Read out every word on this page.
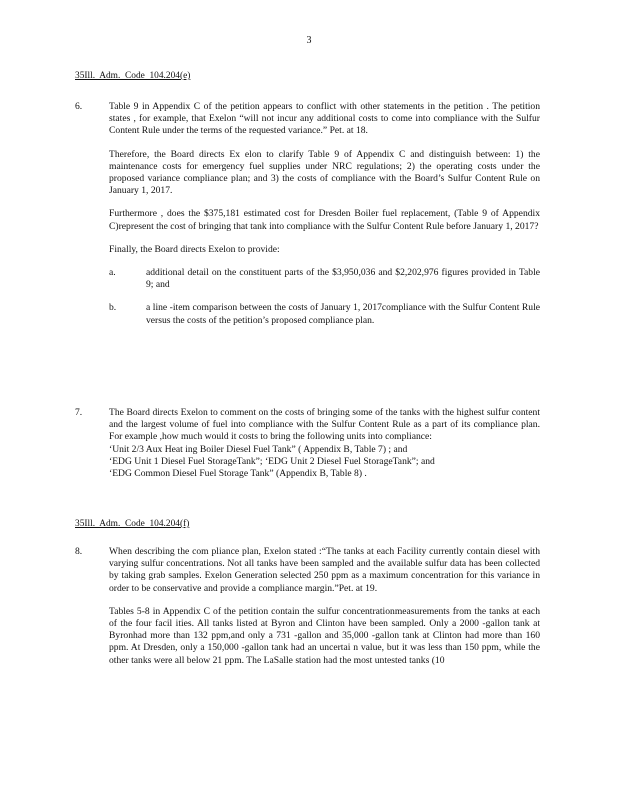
3
35Ill.  Adm.  Code  104.204(e)
6.	Table 9 in Appendix C of the petition appears to conflict with other statements in the petition . The petition states , for example, that Exelon “will not incur any additional costs to come into compliance with the Sulfur Content Rule under the terms of the requested variance.” Pet. at 18.

Therefore, the Board directs Ex elon to clarify Table 9 of Appendix C and distinguish between: 1) the maintenance costs for emergency fuel supplies under NRC regulations; 2) the operating costs under the proposed variance compliance plan; and 3) the costs of compliance with the Board’s Sulfur Content Rule on January 1, 2017.

Furthermore , does the $375,181 estimated cost for Dresden Boiler fuel replacement, (Table 9 of Appendix C)represent the cost of bringing that tank into compliance with the Sulfur Content Rule before January 1, 2017?

Finally, the Board directs Exelon to provide:

a.	additional detail on the constituent parts of the $3,950,036 and $2,202,976 figures provided in Table 9; and
b.	a line -item comparison between the costs of January 1, 2017compliance with the Sulfur Content Rule versus the costs of the petition’s proposed compliance plan.
7.	The Board directs Exelon to comment on the costs of bringing some of the tanks with the highest sulfur content and the largest volume of fuel into compliance with the Sulfur Content Rule as a part of its compliance plan. For example ,how much would it costs to bring the following units into compliance:
‘Unit 2/3 Aux Heat ing Boiler Diesel Fuel Tank” ( Appendix B, Table 7) ; and
‘EDG Unit 1 Diesel Fuel StorageTank”; ‘EDG Unit 2 Diesel Fuel StorageTank”; and
‘EDG Common Diesel Fuel Storage Tank” (Appendix B, Table 8) .
35Ill.  Adm.  Code  104.204(f)
8.	When describing the com pliance plan, Exelon stated :“The tanks at each Facility currently contain diesel with varying sulfur concentrations. Not all tanks have been sampled and the available sulfur data has been collected by taking grab samples. Exelon Generation selected 250 ppm as a maximum concentration for this variance in order to be conservative and provide a compliance margin.”Pet. at 19.

Tables 5-8 in Appendix C of the petition contain the sulfur concentrationmeasurements from the tanks at each of the four facil ities. All tanks listed at Byron and Clinton have been sampled. Only a 2000 -gallon tank at Byronhad more than 132 ppm,and only a 731 -gallon and 35,000 -gallon tank at Clinton had more than 160 ppm. At Dresden, only a 150,000 -gallon tank had an uncertai n value, but it was less than 150 ppm, while the other tanks were all below 21 ppm. The LaSalle station had the most untested tanks (10
